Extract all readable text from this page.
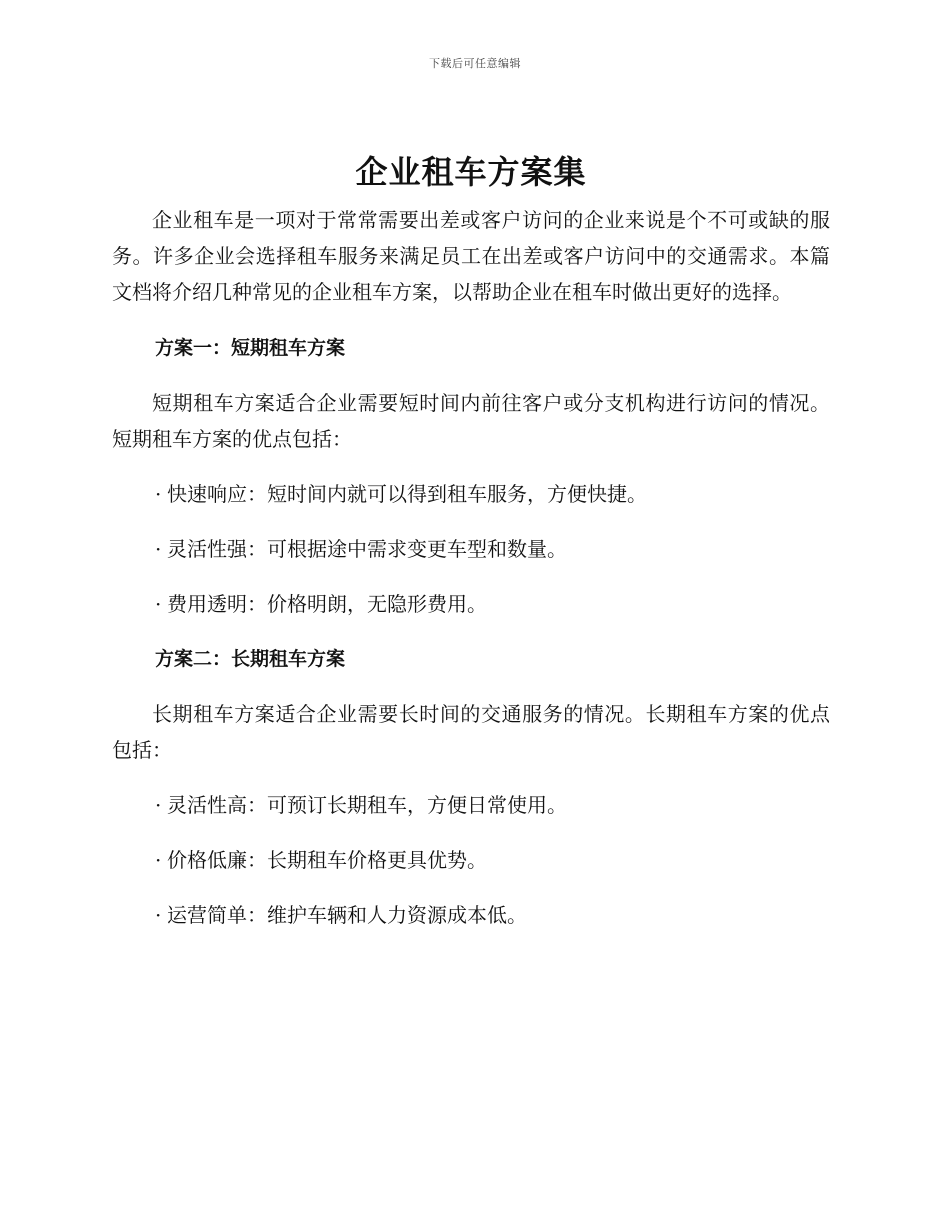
下载后可任意编辑
企业租车方案集

企业租车是一项对于常常需要出差或客户访问的企业来说是个不可或缺的服务。许多企业会选择租车服务来满足员工在出差或客户访问中的交通需求。本篇文档将介绍几种常见的企业租车方案，以帮助企业在租车时做出更好的选择。

方案一：短期租车方案

短期租车方案适合企业需要短时间内前往客户或分支机构进行访问的情况。短期租车方案的优点包括：

· 快速响应：短时间内就可以得到租车服务，方便快捷。

· 灵活性强：可根据途中需求变更车型和数量。

· 费用透明：价格明朗，无隐形费用。

方案二：长期租车方案

长期租车方案适合企业需要长时间的交通服务的情况。长期租车方案的优点包括：

· 灵活性高：可预订长期租车，方便日常使用。

· 价格低廉：长期租车价格更具优势。

· 运营简单：维护车辆和人力资源成本低。
